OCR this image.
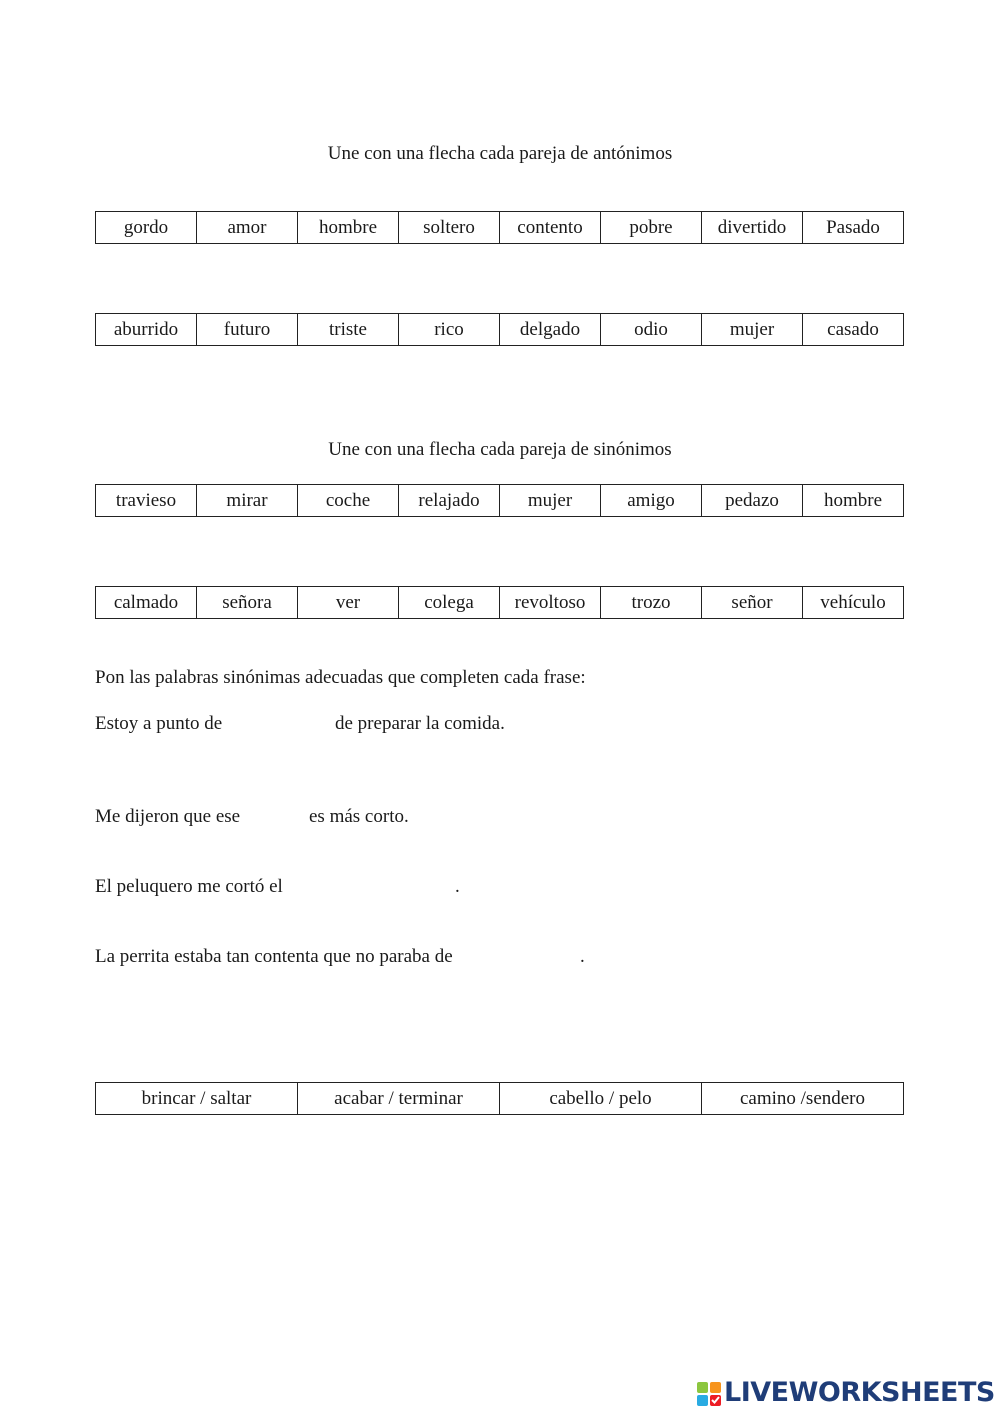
Une con una flecha cada pareja de antónimos
gordo	amor	hombre	soltero	contento	pobre	divertido	Pasado
aburrido	futuro	triste	rico	delgado	odio	mujer	casado
Une con una flecha cada pareja de sinónimos
travieso	mirar	coche	relajado	mujer	amigo	pedazo	hombre
calmado	señora	ver	colega	revoltoso	trozo	señor	vehículo
Pon las palabras sinónimas adecuadas que completen cada frase:
Estoy a punto de	de preparar la comida.
Me dijeron que ese	es más corto.
El peluquero me cortó el	.
La perrita estaba tan contenta que no paraba de	.
brincar / saltar	acabar / terminar	cabello / pelo	camino /sendero
LIVEWORKSHEETS
